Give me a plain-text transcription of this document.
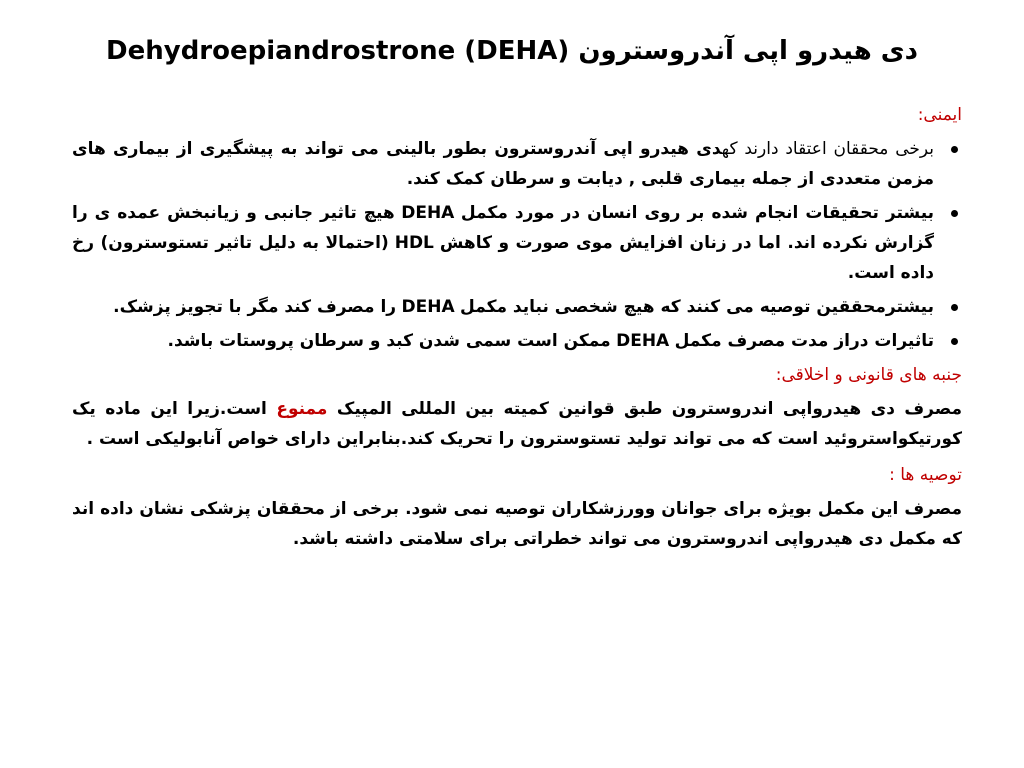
دی هیدرو اپی آندروسترون Dehydroepiandrostrone (DEHA)
ایمنی:
برخی محققان اعتقاد دارند کهدی هیدرو اپی آندروسترون بطور بالینی می تواند به پیشگیری از بیماری های مزمن متعددی از جمله بیماری قلبی , دیابت و سرطان کمک کند.
بیشتر تحقیقات انجام شده بر روی انسان در مورد مکمل DEHA هیچ تاثیر جانبی و زیانبخش عمده ی را گزارش نکرده اند. اما در زنان افزایش موی صورت و کاهش HDL (احتمالا به دلیل تاثیر تستوسترون) رخ داده است.
بیشترمحققین توصیه می کنند که هیچ شخصی نباید مکمل DEHA را مصرف کند مگر با تجویز پزشک.
تاثیرات دراز مدت مصرف مکمل DEHA ممکن است سمی شدن کبد و سرطان پروستات باشد.
جنبه های قانونی و اخلاقی:

مصرف دی هیدرواپی اندروسترون طبق قوانین کمیته بین المللی المپیک ممنوع است.زیرا این ماده یک کورتیکواستروئید است که می تواند تولید تستوسترون را تحریک کند.بنابراین دارای خواص آنابولیکی است .

توصیه ها :

مصرف این مکمل بویژه برای جوانان وورزشکاران توصیه نمی شود. برخی از محققان پزشکی نشان داده اند که مکمل دی هیدرواپی اندروسترون می تواند خطراتی برای سلامتی داشته باشد.
